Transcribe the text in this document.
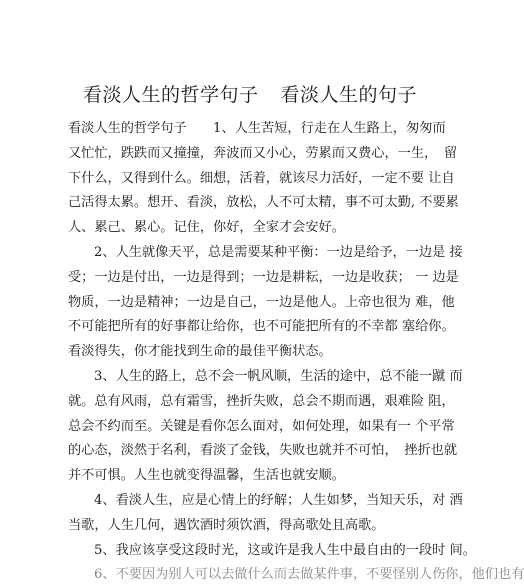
看淡人生的哲学句子 看淡人生的句子
看淡人生的哲学句子　　1、人生苦短，行走在人生路上，匆匆而
又忙忙，跌跌而又撞撞，奔波而又小心，劳累而又费心，一生，　留
下什么，又得到什么。细想，活着，就该尽力活好，一定不要 让自
己活得太累。想开、看淡，放松，人不可太精，事不可太勤, 不要累
人、累己、累心。记住，你好，全家才会安好。
2、人生就像天平，总是需要某种平衡：一边是给予，一边是 接
受；一边是付出，一边是得到；一边是耕耘，一边是收获； 一 边是
物质，一边是精神；一边是自己，一边是他人。上帝也很为 难，他
不可能把所有的好事都让给你，也不可能把所有的不幸都 塞给你。
看淡得失，你才能找到生命的最佳平衡状态。
3、人生的路上，总不会一帆风顺，生活的途中，总不能一蹴 而
就。总有风雨，总有霜雪，挫折失败，总会不期而遇，艰难险 阻，
总会不约而至。关键是看你怎么面对，如何处理，如果有一 个平常
的心态，淡然于名利，看淡了金钱，失败也就并不可怕，　挫折也就
并不可惧。人生也就变得温馨，生活也就安顺。
4、看淡人生，应是心情上的纾解；人生如梦，当知天乐，对 酒
当歌，人生几何，遇饮酒时须饮酒，得高歌处且高歌。
5、我应该享受这段时光，这或许是我人生中最自由的一段时 间。
6、不要因为别人可以去做什么而去做某件事，不要怪别人伤你，他们也有
